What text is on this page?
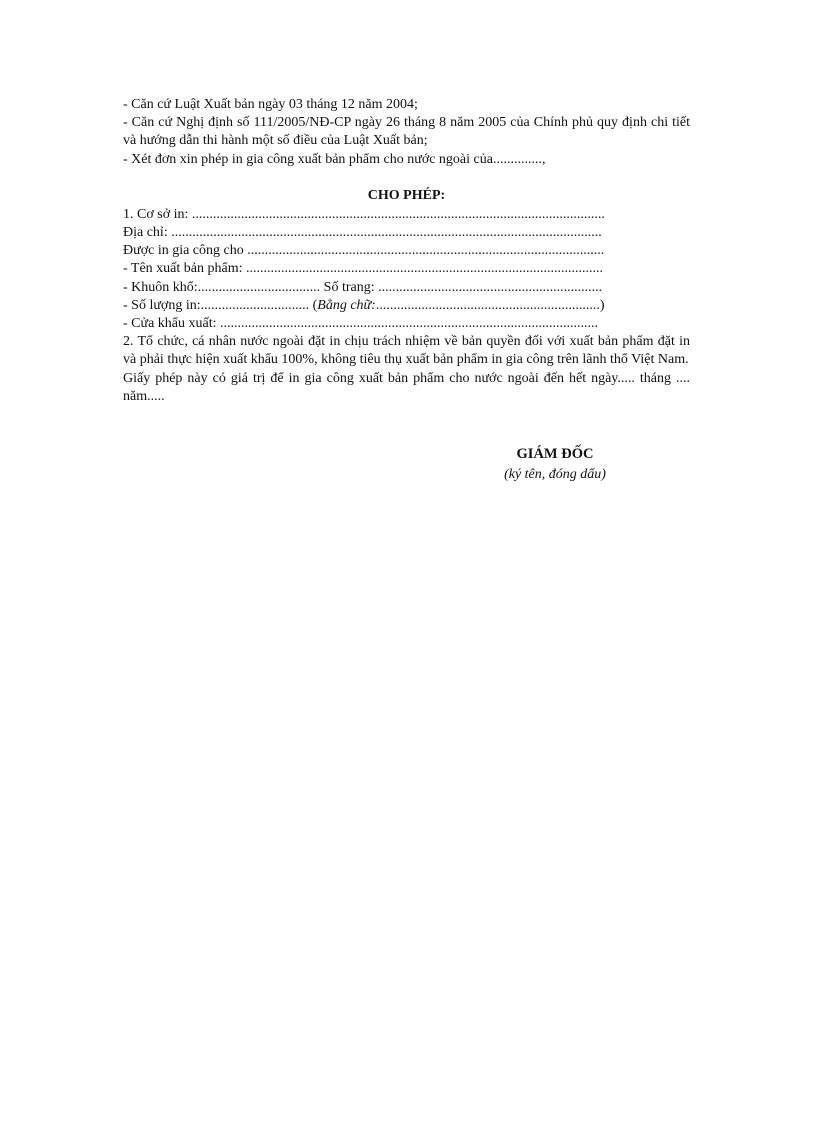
- Căn cứ Luật Xuất bản ngày 03 tháng 12 năm 2004;
- Căn cứ Nghị định số 111/2005/NĐ-CP ngày 26 tháng 8 năm 2005 của Chính phủ quy định chi tiết và hướng dẫn thi hành một số điều của Luật Xuất bản;
- Xét đơn xin phép in gia công xuất bản phẩm cho nước ngoài của..............,
CHO PHÉP:
1. Cơ sở in: ......................................................................................................................
Địa chỉ: ...........................................................................................................................
Được in gia công cho ......................................................................................................
- Tên xuất bản phẩm: ......................................................................................................
- Khuôn khổ:................................... Số trang: ................................................................
- Số lượng in:............................... (Bằng chữ:................................................................)
- Cửa khẩu xuất: ............................................................................................................
2. Tổ chức, cá nhân nước ngoài đặt in chịu trách nhiệm về bản quyền đối với xuất bản phẩm đặt in và phải thực hiện xuất khẩu 100%, không tiêu thụ xuất bản phẩm in gia công trên lãnh thổ Việt Nam.
Giấy phép này có giá trị để in gia công xuất bản phẩm cho nước ngoài đến hết ngày..... tháng .... năm.....
GIÁM ĐỐC
(ký tên, đóng dấu)
